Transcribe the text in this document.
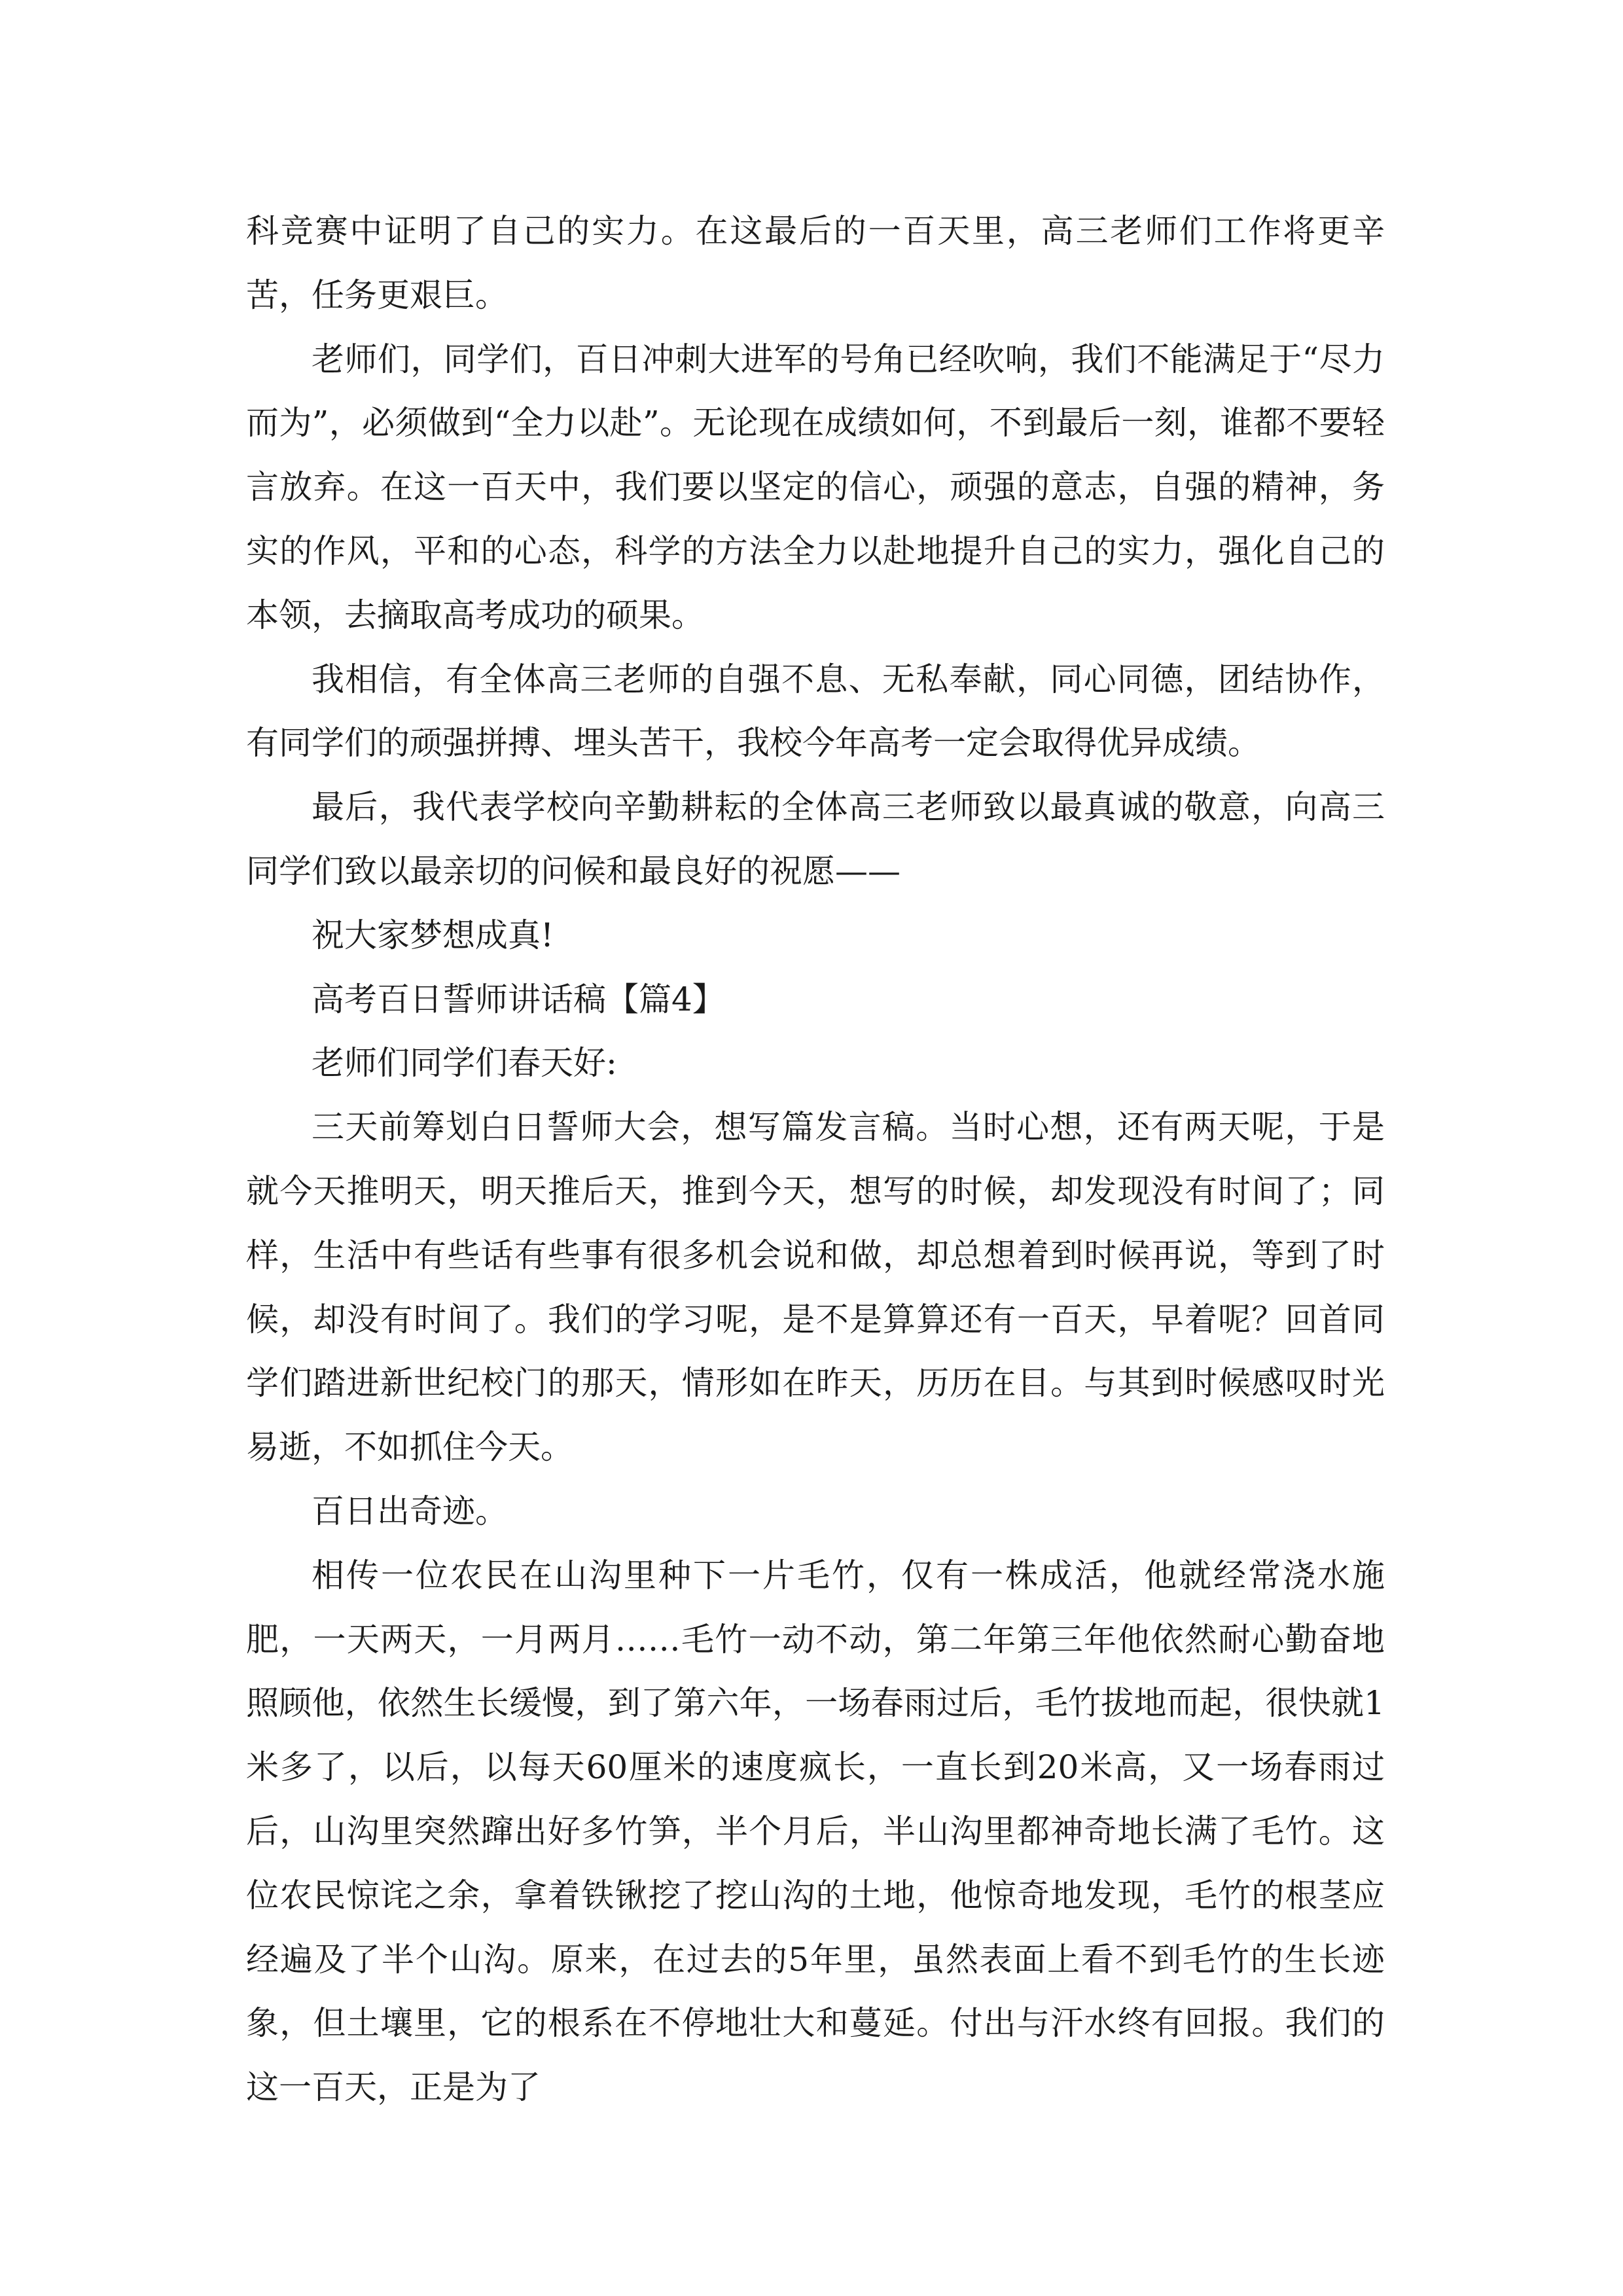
科竞赛中证明了自己的实力。在这最后的一百天里，高三老师们工作将更辛苦，任务更艰巨。

老师们，同学们，百日冲刺大进军的号角已经吹响，我们不能满足于“尽力而为”，必须做到“全力以赴”。无论现在成绩如何，不到最后一刻，谁都不要轻言放弃。在这一百天中，我们要以坚定的信心，顽强的意志，自强的精神，务实的作风，平和的心态，科学的方法全力以赴地提升自己的实力，强化自己的本领，去摘取高考成功的硕果。

我相信，有全体高三老师的自强不息、无私奉献，同心同德，团结协作，有同学们的顽强拼搏、埋头苦干，我校今年高考一定会取得优异成绩。

最后，我代表学校向辛勤耕耘的全体高三老师致以最真诚的敬意，向高三同学们致以最亲切的问候和最良好的祝愿——

祝大家梦想成真!

高考百日誓师讲话稿【篇4】

老师们同学们春天好:

三天前筹划白日誓师大会，想写篇发言稿。当时心想，还有两天呢，于是就今天推明天，明天推后天，推到今天，想写的时候，却发现没有时间了；同样，生活中有些话有些事有很多机会说和做，却总想着到时候再说，等到了时候，却没有时间了。我们的学习呢，是不是算算还有一百天，早着呢？回首同学们踏进新世纪校门的那天，情形如在昨天，历历在目。与其到时候感叹时光易逝，不如抓住今天。

百日出奇迹。

相传一位农民在山沟里种下一片毛竹，仅有一株成活，他就经常浇水施肥，一天两天，一月两月……毛竹一动不动，第二年第三年他依然耐心勤奋地照顾他，依然生长缓慢，到了第六年，一场春雨过后，毛竹拔地而起，很快就1米多了，以后，以每天60厘米的速度疯长，一直长到20米高，又一场春雨过后，山沟里突然蹿出好多竹笋，半个月后，半山沟里都神奇地长满了毛竹。这位农民惊诧之余，拿着铁锹挖了挖山沟的土地，他惊奇地发现，毛竹的根茎应经遍及了半个山沟。原来，在过去的5年里，虽然表面上看不到毛竹的生长迹象，但土壤里，它的根系在不停地壮大和蔓延。付出与汗水终有回报。我们的这一百天，正是为了
